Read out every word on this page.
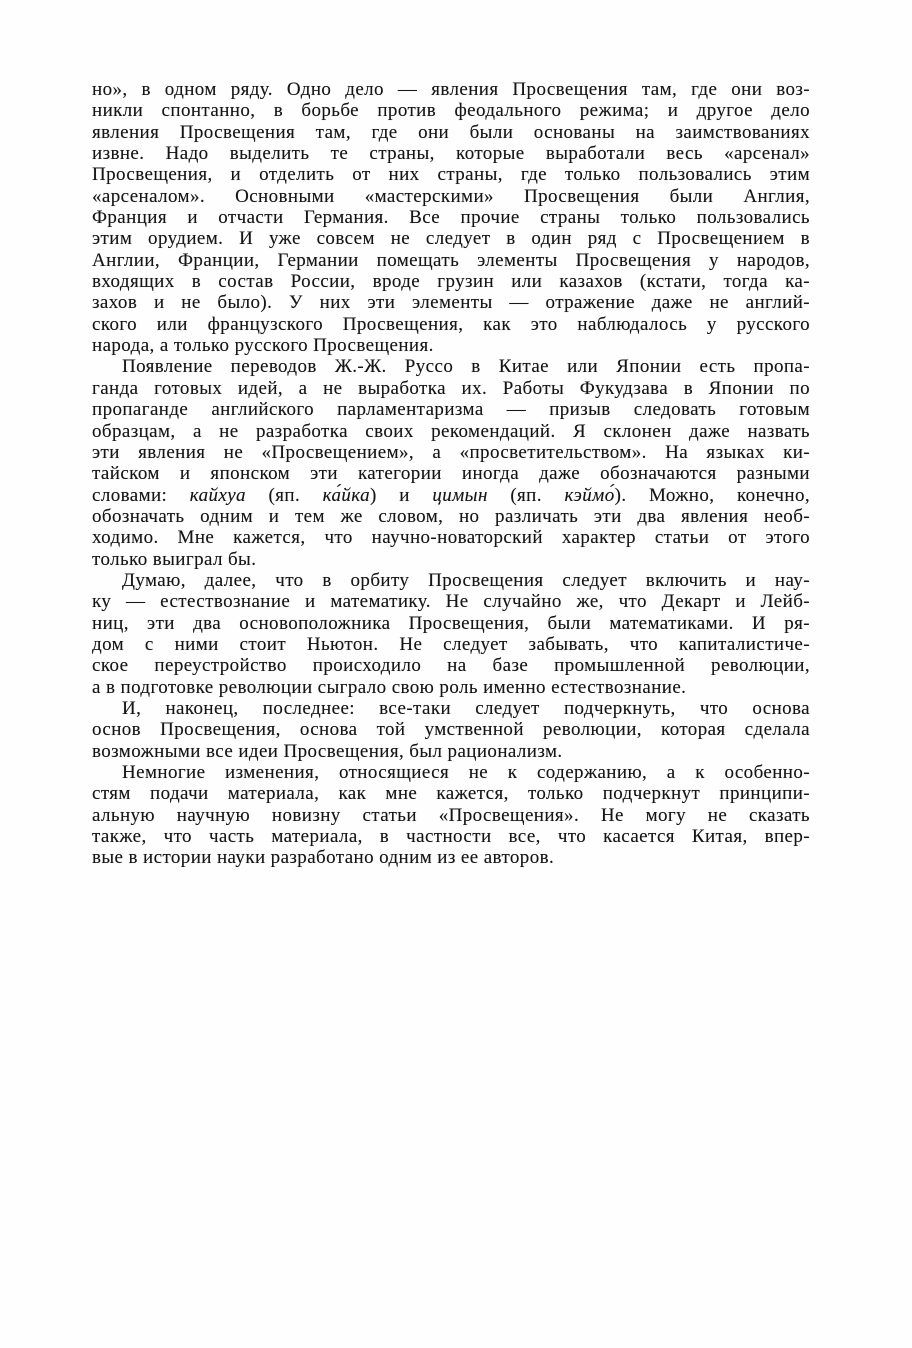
но», в одном ряду. Одно дело — явления Просвещения там, где они воз-
никли спонтанно, в борьбе против феодального режима; и другое дело
явления Просвещения там, где они были основаны на заимствованиях
извне. Надо выделить те страны, которые выработали весь «арсенал»
Просвещения, и отделить от них страны, где только пользовались этим
«арсеналом». Основными «мастерскими» Просвещения были Англия,
Франция и отчасти Германия. Все прочие страны только пользовались
этим орудием. И уже совсем не следует в один ряд с Просвещением в
Англии, Франции, Германии помещать элементы Просвещения у народов,
входящих в состав России, вроде грузин или казахов (кстати, тогда ка-
захов и не было). У них эти элементы — отражение даже не англий-
ского или французского Просвещения, как это наблюдалось у русского
народа, а только русского Просвещения.
Появление переводов Ж.-Ж. Руссо в Китае или Японии есть пропа-
ганда готовых идей, а не выработка их. Работы Фукудзава в Японии по
пропаганде английского парламентаризма — призыв следовать готовым
образцам, а не разработка своих рекомендаций. Я склонен даже назвать
эти явления не «Просвещением», а «просветительством». На языках ки-
тайском и японском эти категории иногда даже обозначаются разными
словами: кайхуа (яп. ка́йка) и цимын (яп. кэймо́). Можно, конечно,
обозначать одним и тем же словом, но различать эти два явления необ-
ходимо. Мне кажется, что научно-новаторский характер статьи от этого
только выиграл бы.
Думаю, далее, что в орбиту Просвещения следует включить и нау-
ку — естествознание и математику. Не случайно же, что Декарт и Лейб-
ниц, эти два основоположника Просвещения, были математиками. И ря-
дом с ними стоит Ньютон. Не следует забывать, что капиталистиче-
ское переустройство происходило на базе промышленной революции,
а в подготовке революции сыграло свою роль именно естествознание.
И, наконец, последнее: все-таки следует подчеркнуть, что основа
основ Просвещения, основа той умственной революции, которая сделала
возможными все идеи Просвещения, был рационализм.
Немногие изменения, относящиеся не к содержанию, а к особенно-
стям подачи материала, как мне кажется, только подчеркнут принципи-
альную научную новизну статьи «Просвещения». Не могу не сказать
также, что часть материала, в частности все, что касается Китая, впер-
вые в истории науки разработано одним из ее авторов.
